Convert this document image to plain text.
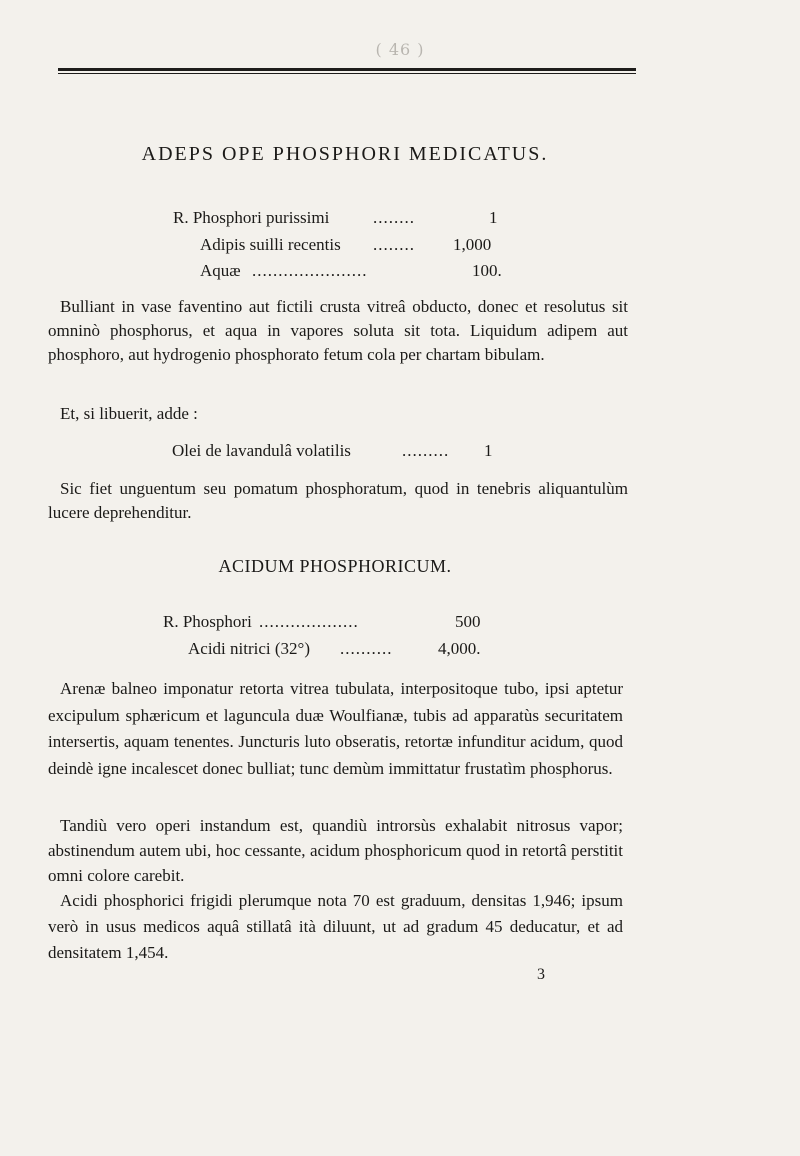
( 46 )
ADEPS OPE PHOSPHORI MEDICATUS.
R. Phosphori purissimi	........	1
Adipis suilli recentis ........ 1,000
Aquæ ......................	100.
Bulliant in vase faventino aut fictili crusta vitreâ obducto, donec et resolutus sit omninò phosphorus, et aqua in vapores soluta sit tota. Liquidum adipem aut phosphoro, aut hydrogenio phosphorato fetum cola per chartam bibulam.
Et, si libuerit, adde :
Olei de lavandulâ volatilis	......... 1
Sic fiet unguentum seu pomatum phosphoratum, quod in tenebris aliquantulùm lucere deprehenditur.
ACIDUM PHOSPHORICUM.
R. Phosphori ...................	500
Acidi nitrici (32°) ..........	4,000.
Arenæ balneo imponatur retorta vitrea tubulata, interpositoque tubo, ipsi aptetur excipulum sphæricum et laguncula duæ Woulfianæ, tubis ad apparatùs securitatem intersertis, aquam tenentes. Juncturis luto obseratis, retortæ infunditur acidum, quod deindè igne incalescet donec bulliat; tunc demùm immittatur frustatìm phosphorus.
Tandiù vero operi instandum est, quandiù introrsùs exhalabit nitrosus vapor; abstinendum autem ubi, hoc cessante, acidum phosphoricum quod in retortâ perstitit omni colore carebit.
Acidi phosphorici frigidi plerumque nota 70 est graduum, densitas 1,946; ipsum verò in usus medicos aquâ stillatâ ità diluunt, ut ad gradum 45 deducatur, et ad densitatem 1,454.
3
